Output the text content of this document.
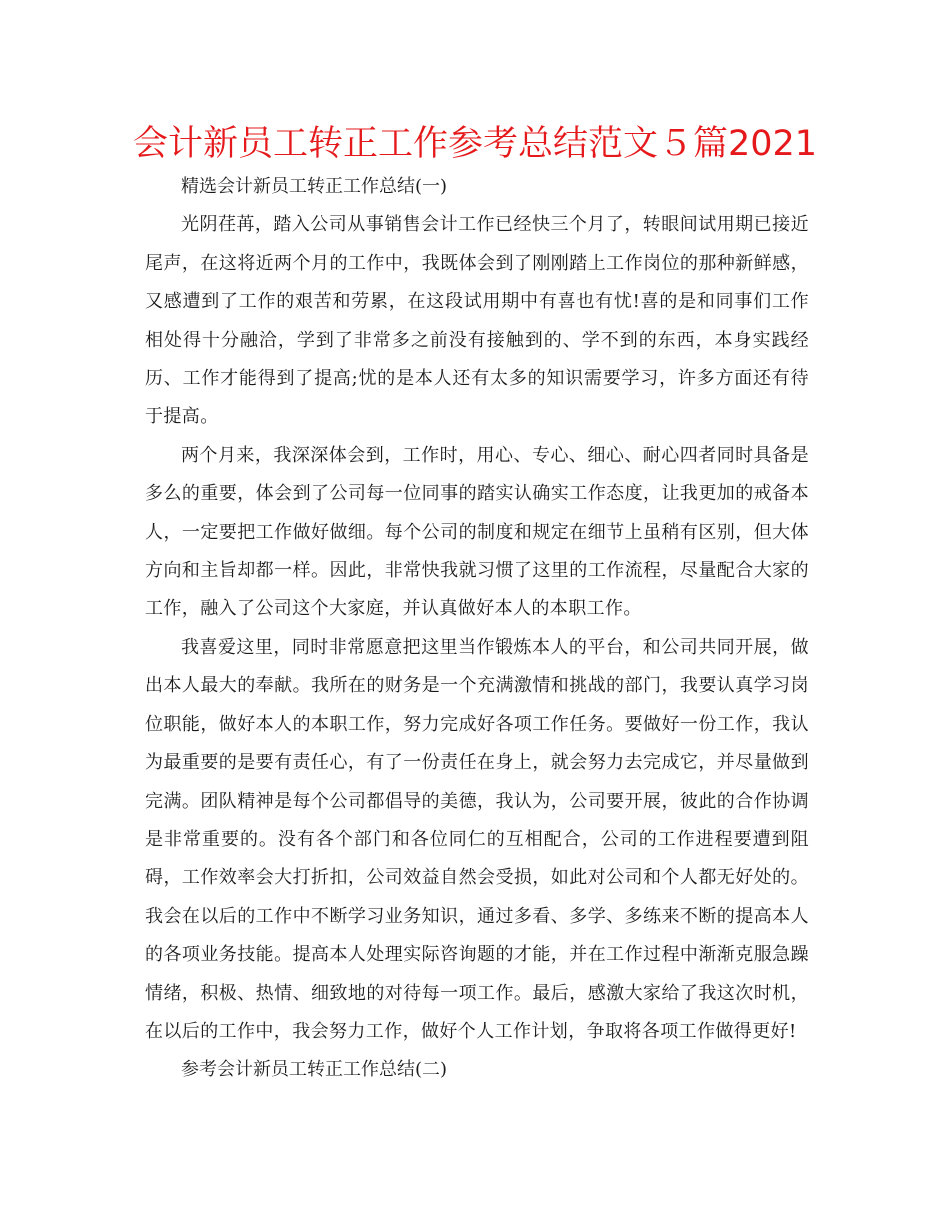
会计新员工转正工作参考总结范文５篇2021

精选会计新员工转正工作总结(一)

光阴荏苒，踏入公司从事销售会计工作已经快三个月了，转眼间试用期已接近尾声，在这将近两个月的工作中，我既体会到了刚刚踏上工作岗位的那种新鲜感，又感遭到了工作的艰苦和劳累，在这段试用期中有喜也有忧!喜的是和同事们工作相处得十分融洽，学到了非常多之前没有接触到的、学不到的东西，本身实践经历、工作才能得到了提高;忧的是本人还有太多的知识需要学习，许多方面还有待于提高。

两个月来，我深深体会到，工作时，用心、专心、细心、耐心四者同时具备是多么的重要，体会到了公司每一位同事的踏实认确实工作态度，让我更加的戒备本人，一定要把工作做好做细。每个公司的制度和规定在细节上虽稍有区别，但大体方向和主旨却都一样。因此，非常快我就习惯了这里的工作流程，尽量配合大家的工作，融入了公司这个大家庭，并认真做好本人的本职工作。

我喜爱这里，同时非常愿意把这里当作锻炼本人的平台，和公司共同开展，做出本人最大的奉献。我所在的财务是一个充满激情和挑战的部门，我要认真学习岗位职能，做好本人的本职工作，努力完成好各项工作任务。要做好一份工作，我认为最重要的是要有责任心，有了一份责任在身上，就会努力去完成它，并尽量做到完满。团队精神是每个公司都倡导的美德，我认为，公司要开展，彼此的合作协调是非常重要的。没有各个部门和各位同仁的互相配合，公司的工作进程要遭到阻碍，工作效率会大打折扣，公司效益自然会受损，如此对公司和个人都无好处的。我会在以后的工作中不断学习业务知识，通过多看、多学、多练来不断的提高本人的各项业务技能。提高本人处理实际咨询题的才能，并在工作过程中渐渐克服急躁情绪，积极、热情、细致地的对待每一项工作。最后，感激大家给了我这次时机，在以后的工作中，我会努力工作，做好个人工作计划，争取将各项工作做得更好!

参考会计新员工转正工作总结(二)
